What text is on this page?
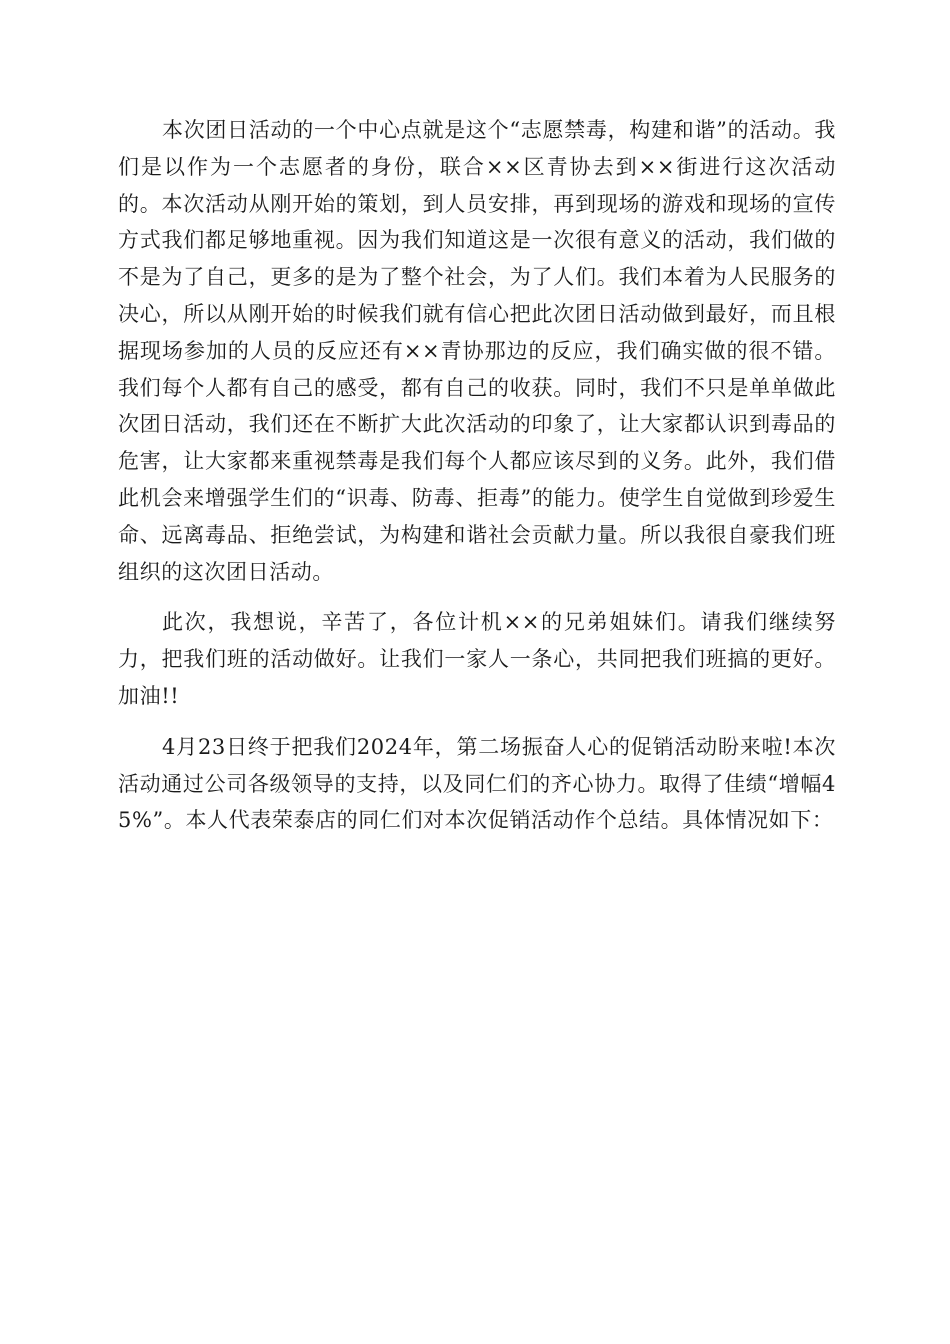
本次团日活动的一个中心点就是这个“志愿禁毒，构建和谐”的活动。我们是以作为一个志愿者的身份，联合××区青协去到××街进行这次活动的。本次活动从刚开始的策划，到人员安排，再到现场的游戏和现场的宣传方式我们都足够地重视。因为我们知道这是一次很有意义的活动，我们做的不是为了自己，更多的是为了整个社会，为了人们。我们本着为人民服务的决心，所以从刚开始的时候我们就有信心把此次团日活动做到最好，而且根据现场参加的人员的反应还有××青协那边的反应，我们确实做的很不错。我们每个人都有自己的感受，都有自己的收获。同时，我们不只是单单做此次团日活动，我们还在不断扩大此次活动的印象了，让大家都认识到毒品的危害，让大家都来重视禁毒是我们每个人都应该尽到的义务。此外，我们借此机会来增强学生们的“识毒、防毒、拒毒”的能力。使学生自觉做到珍爱生命、远离毒品、拒绝尝试，为构建和谐社会贡献力量。所以我很自豪我们班组织的这次团日活动。

此次，我想说，辛苦了，各位计机××的兄弟姐妹们。请我们继续努力，把我们班的活动做好。让我们一家人一条心，共同把我们班搞的更好。加油!!

4月23日终于把我们2024年，第二场振奋人心的促销活动盼来啦!本次活动通过公司各级领导的支持，以及同仁们的齐心协力。取得了佳绩“增幅45%”。本人代表荣泰店的同仁们对本次促销活动作个总结。具体情况如下：
